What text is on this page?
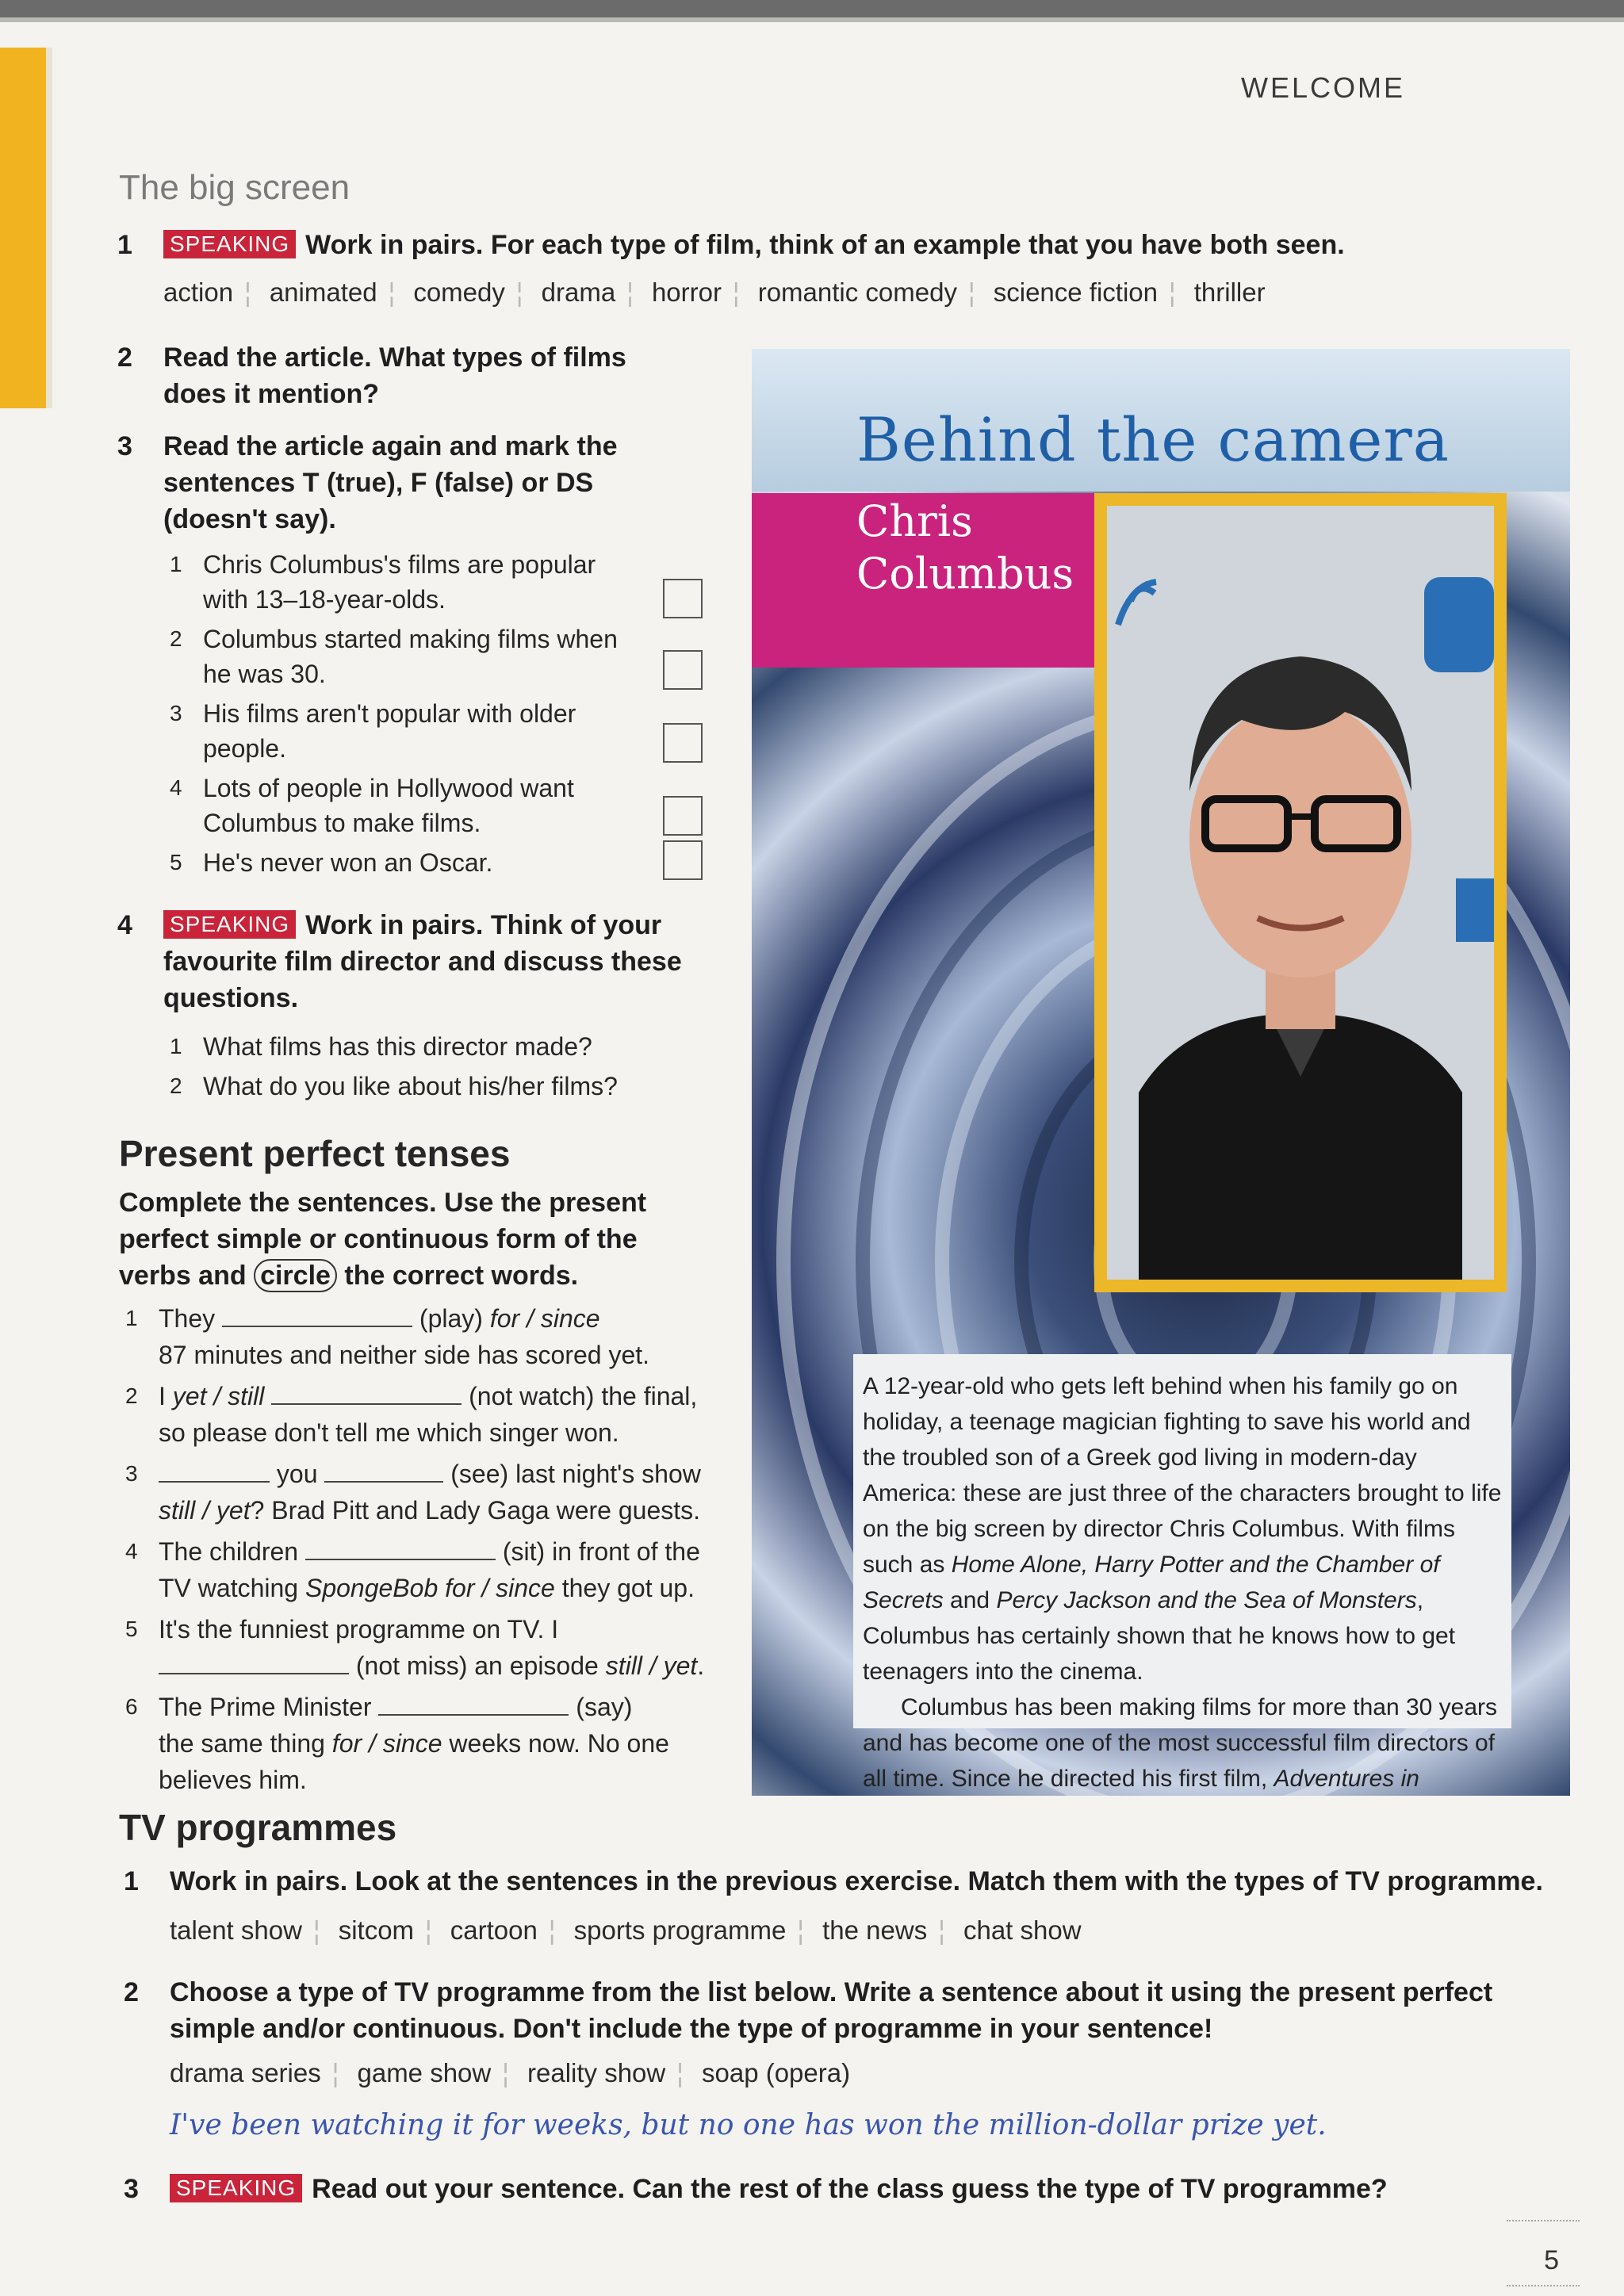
WELCOME
The big screen
1 SPEAKING Work in pairs. For each type of film, think of an example that you have both seen.
action ¦ animated ¦ comedy ¦ drama ¦ horror ¦ romantic comedy ¦ science fiction ¦ thriller
2 Read the article. What types of films
does it mention?
3 Read the article again and mark the
sentences T (true), F (false) or DS
(doesn't say).
1 Chris Columbus's films are popular
with 13–18-year-olds.
2 Columbus started making films when
he was 30.
3 His films aren't popular with older
people.
4 Lots of people in Hollywood want
Columbus to make films.
5 He's never won an Oscar.
4 SPEAKING Work in pairs. Think of your
favourite film director and discuss these
questions.
1 What films has this director made?
2 What do you like about his/her films?
Present perfect tenses
Complete the sentences. Use the present
perfect simple or continuous form of the
verbs and circle the correct words.
1 They	(play) for / since
87 minutes and neither side has scored yet.
2 I yet / still	(not watch) the final,
so please don't tell me which singer won.
3	you	(see) last night's show
still / yet? Brad Pitt and Lady Gaga were guests.
4 The children	(sit) in front of the
TV watching SpongeBob for / since they got up.
5 It's the funniest programme on TV. I
(not miss) an episode still / yet.
6 The Prime Minister	(say)
the same thing for / since weeks now. No one
believes him.
Behind the camera
Chris
Columbus

A 12-year-old who gets left behind when his family go on holiday, a teenage magician fighting to save his world and the troubled son of a Greek god living in modern-day America: these are just three of the characters brought to life on the big screen by director Chris Columbus. With films such as Home Alone, Harry Potter and the Chamber of Secrets and Percy Jackson and the Sea of Monsters, Columbus has certainly shown that he knows how to get teenagers into the cinema.

Columbus has been making films for more than 30 years and has become one of the most successful film directors of all time. Since he directed his first film, Adventures in

TV programmes
1 Work in pairs. Look at the sentences in the previous exercise. Match them with the types of TV programme.
talent show ¦ sitcom ¦ cartoon ¦ sports programme ¦ the news ¦ chat show
2 Choose a type of TV programme from the list below. Write a sentence about it using the present perfect
simple and/or continuous. Don't include the type of programme in your sentence!
drama series ¦ game show ¦ reality show ¦ soap (opera)
I've been watching it for weeks, but no one has won the million-dollar prize yet.
3 SPEAKING Read out your sentence. Can the rest of the class guess the type of TV programme?
5
